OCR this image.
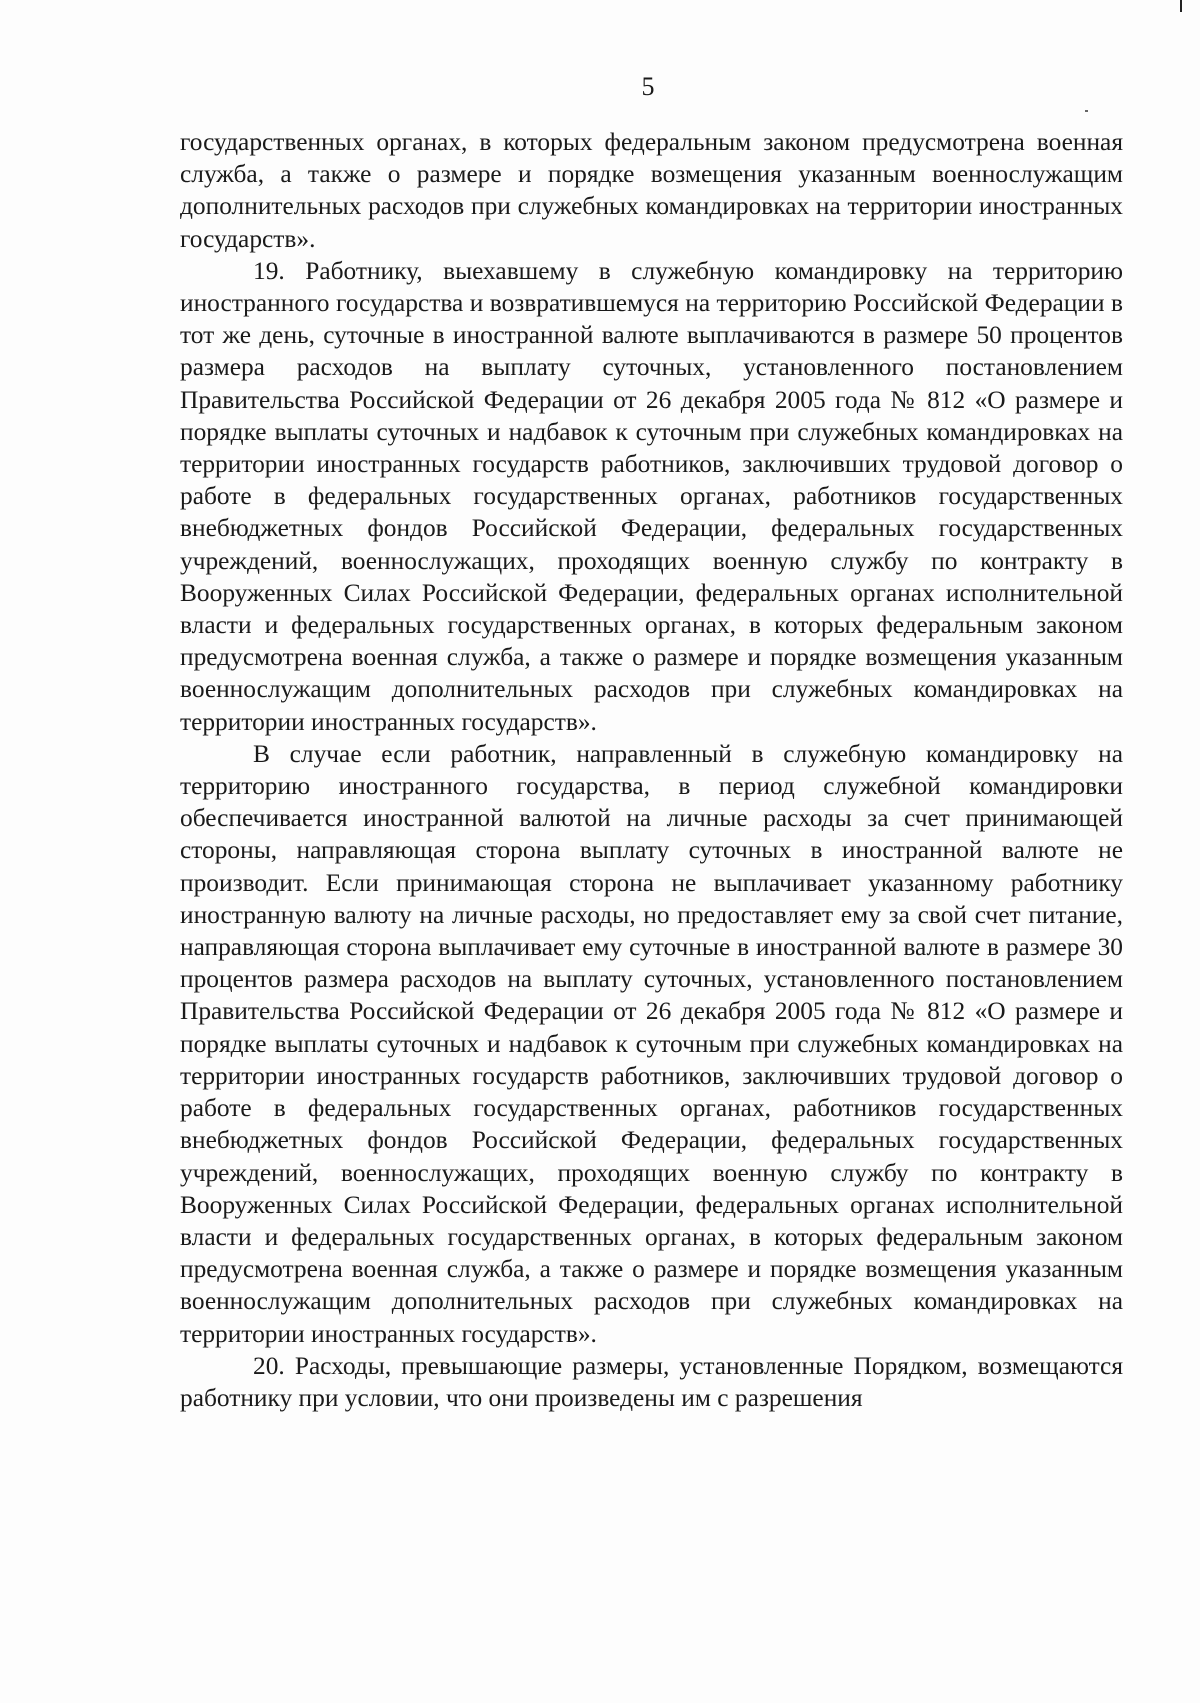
5

государственных органах, в которых федеральным законом предусмотрена военная служба, а также о размере и порядке возмещения указанным военнослужащим дополнительных расходов при служебных командировках на территории иностранных государств».

19. Работнику, выехавшему в служебную командировку на территорию иностранного государства и возвратившемуся на территорию Российской Федерации в тот же день, суточные в иностранной валюте выплачиваются в размере 50 процентов размера расходов на выплату суточных, установленного постановлением Правительства Российской Федерации от 26 декабря 2005 года № 812 «О размере и порядке выплаты суточных и надбавок к суточным при служебных командировках на территории иностранных государств работников, заключивших трудовой договор о работе в федеральных государственных органах, работников государственных внебюджетных фондов Российской Федерации, федеральных государственных учреждений, военнослужащих, проходящих военную службу по контракту в Вооруженных Силах Российской Федерации, федеральных органах исполнительной власти и федеральных государственных органах, в которых федеральным законом предусмотрена военная служба, а также о размере и порядке возмещения указанным военнослужащим дополнительных расходов при служебных командировках на территории иностранных государств».

В случае если работник, направленный в служебную командировку на территорию иностранного государства, в период служебной командировки обеспечивается иностранной валютой на личные расходы за счет принимающей стороны, направляющая сторона выплату суточных в иностранной валюте не производит. Если принимающая сторона не выплачивает указанному работнику иностранную валюту на личные расходы, но предоставляет ему за свой счет питание, направляющая сторона выплачивает ему суточные в иностранной валюте в размере 30 процентов размера расходов на выплату суточных, установленного постановлением Правительства Российской Федерации от 26 декабря 2005 года № 812 «О размере и порядке выплаты суточных и надбавок к суточным при служебных командировках на территории иностранных государств работников, заключивших трудовой договор о работе в федеральных государственных органах, работников государственных внебюджетных фондов Российской Федерации, федеральных государственных учреждений, военнослужащих, проходящих военную службу по контракту в Вооруженных Силах Российской Федерации, федеральных органах исполнительной власти и федеральных государственных органах, в которых федеральным законом предусмотрена военная служба, а также о размере и порядке возмещения указанным военнослужащим дополнительных расходов при служебных командировках на территории иностранных государств».

20. Расходы, превышающие размеры, установленные Порядком, возмещаются работнику при условии, что они произведены им с разрешения
